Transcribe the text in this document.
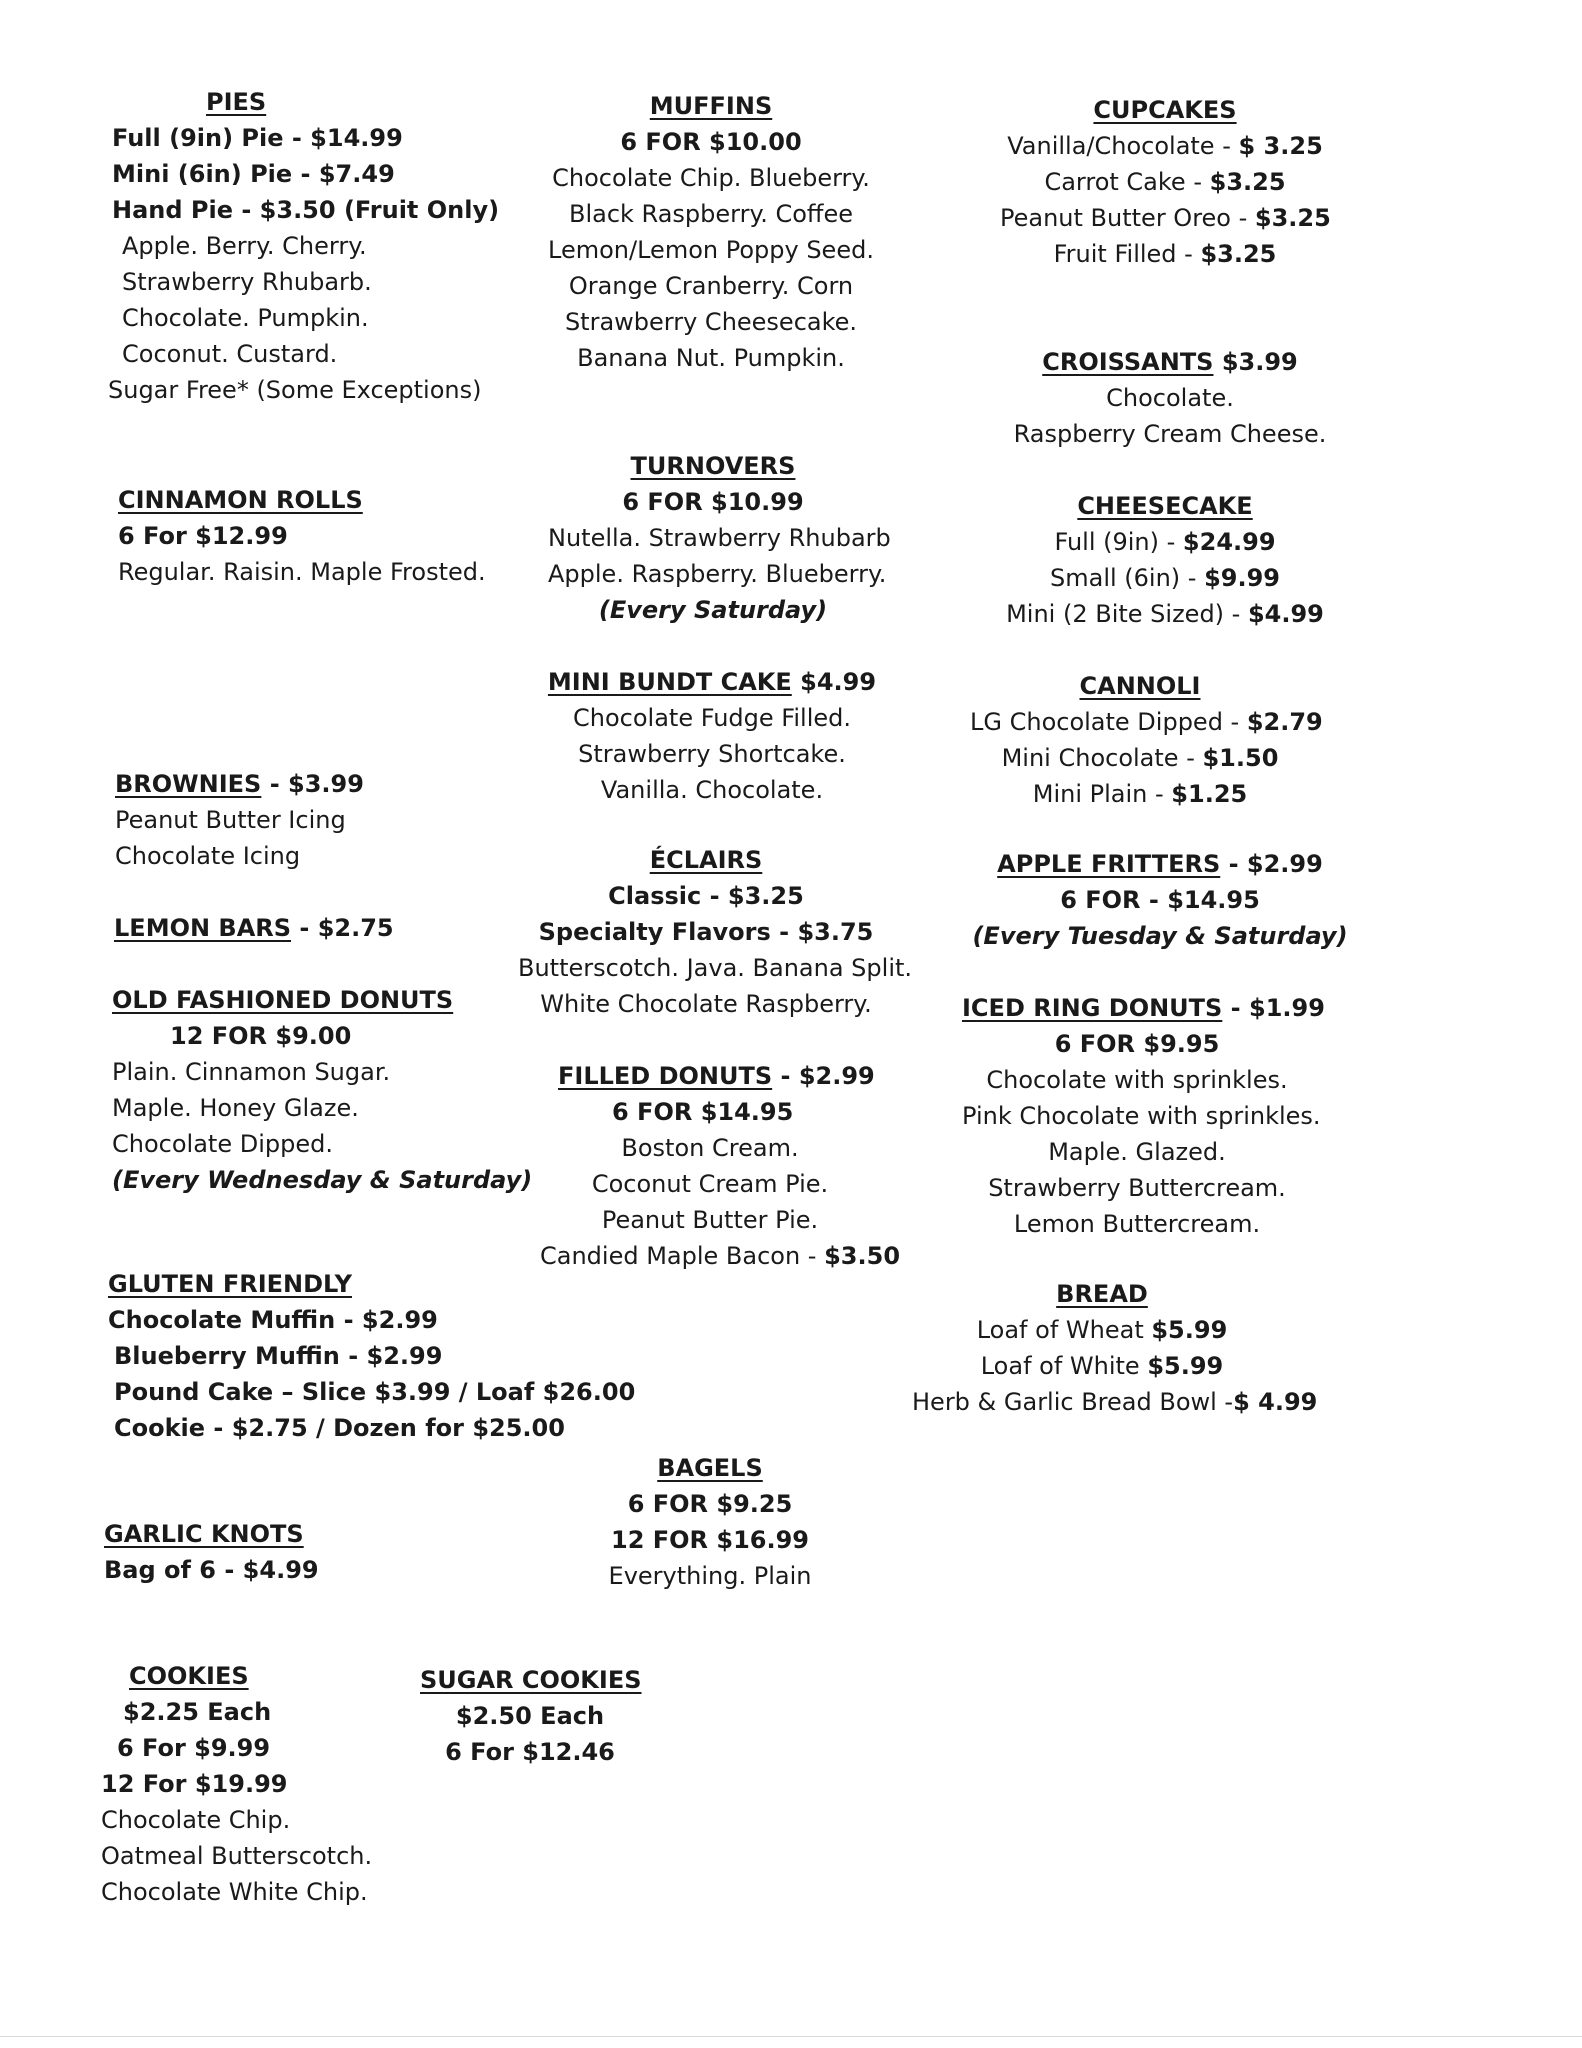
PIES
Full (9in) Pie - $14.99
Mini (6in) Pie - $7.49
Hand Pie - $3.50 (Fruit Only)
Apple. Berry. Cherry.
Strawberry Rhubarb.
Chocolate. Pumpkin.
Coconut. Custard.
Sugar Free* (Some Exceptions)
MUFFINS
6 FOR $10.00
Chocolate Chip. Blueberry.
Black Raspberry. Coffee
Lemon/Lemon Poppy Seed.
Orange Cranberry. Corn
Strawberry Cheesecake.
Banana Nut. Pumpkin.
CUPCAKES
Vanilla/Chocolate - $ 3.25
Carrot Cake - $3.25
Peanut Butter Oreo - $3.25
Fruit Filled - $3.25
CROISSANTS $3.99
Chocolate.
Raspberry Cream Cheese.
CINNAMON ROLLS
6 For $12.99
Regular. Raisin. Maple Frosted.
TURNOVERS
6 FOR $10.99
Nutella. Strawberry Rhubarb
Apple. Raspberry. Blueberry.
(Every Saturday)
CHEESECAKE
Full (9in) - $24.99
Small (6in) - $9.99
Mini (2 Bite Sized) - $4.99
MINI BUNDT CAKE $4.99
Chocolate Fudge Filled.
Strawberry Shortcake.
Vanilla. Chocolate.
CANNOLI
LG Chocolate Dipped - $2.79
Mini Chocolate - $1.50
Mini Plain - $1.25
BROWNIES - $3.99
Peanut Butter Icing
Chocolate Icing	ÉCLAIRS
Classic - $3.25
Specialty Flavors - $3.75
Butterscotch. Java. Banana Split.
White Chocolate Raspberry.
APPLE FRITTERS - $2.99
6 FOR - $14.95
(Every Tuesday & Saturday)
LEMON BARS - $2.75
OLD FASHIONED DONUTS
12 FOR $9.00
Plain. Cinnamon Sugar.
Maple. Honey Glaze.
Chocolate Dipped.
(Every Wednesday & Saturday)
ICED RING DONUTS - $1.99
6 FOR $9.95
Chocolate with sprinkles.
Pink Chocolate with sprinkles.
Maple. Glazed.
Strawberry Buttercream.
Lemon Buttercream.
FILLED DONUTS - $2.99
6 FOR $14.95
Boston Cream.
Coconut Cream Pie.
Peanut Butter Pie.
Candied Maple Bacon - $3.50
GLUTEN FRIENDLY
Chocolate Muffin - $2.99
Blueberry Muffin - $2.99
Pound Cake – Slice $3.99 / Loaf $26.00
Cookie - $2.75 / Dozen for $25.00
BREAD
Loaf of Wheat $5.99
Loaf of White $5.99
Herb & Garlic Bread Bowl -$ 4.99
BAGELS
6 FOR $9.25
12 FOR $16.99
Everything. Plain
GARLIC KNOTS
Bag of 6 - $4.99
COOKIES
$2.25 Each
6 For $9.99
12 For $19.99
Chocolate Chip.
Oatmeal Butterscotch.
Chocolate White Chip.
SUGAR COOKIES
$2.50 Each
6 For $12.46
